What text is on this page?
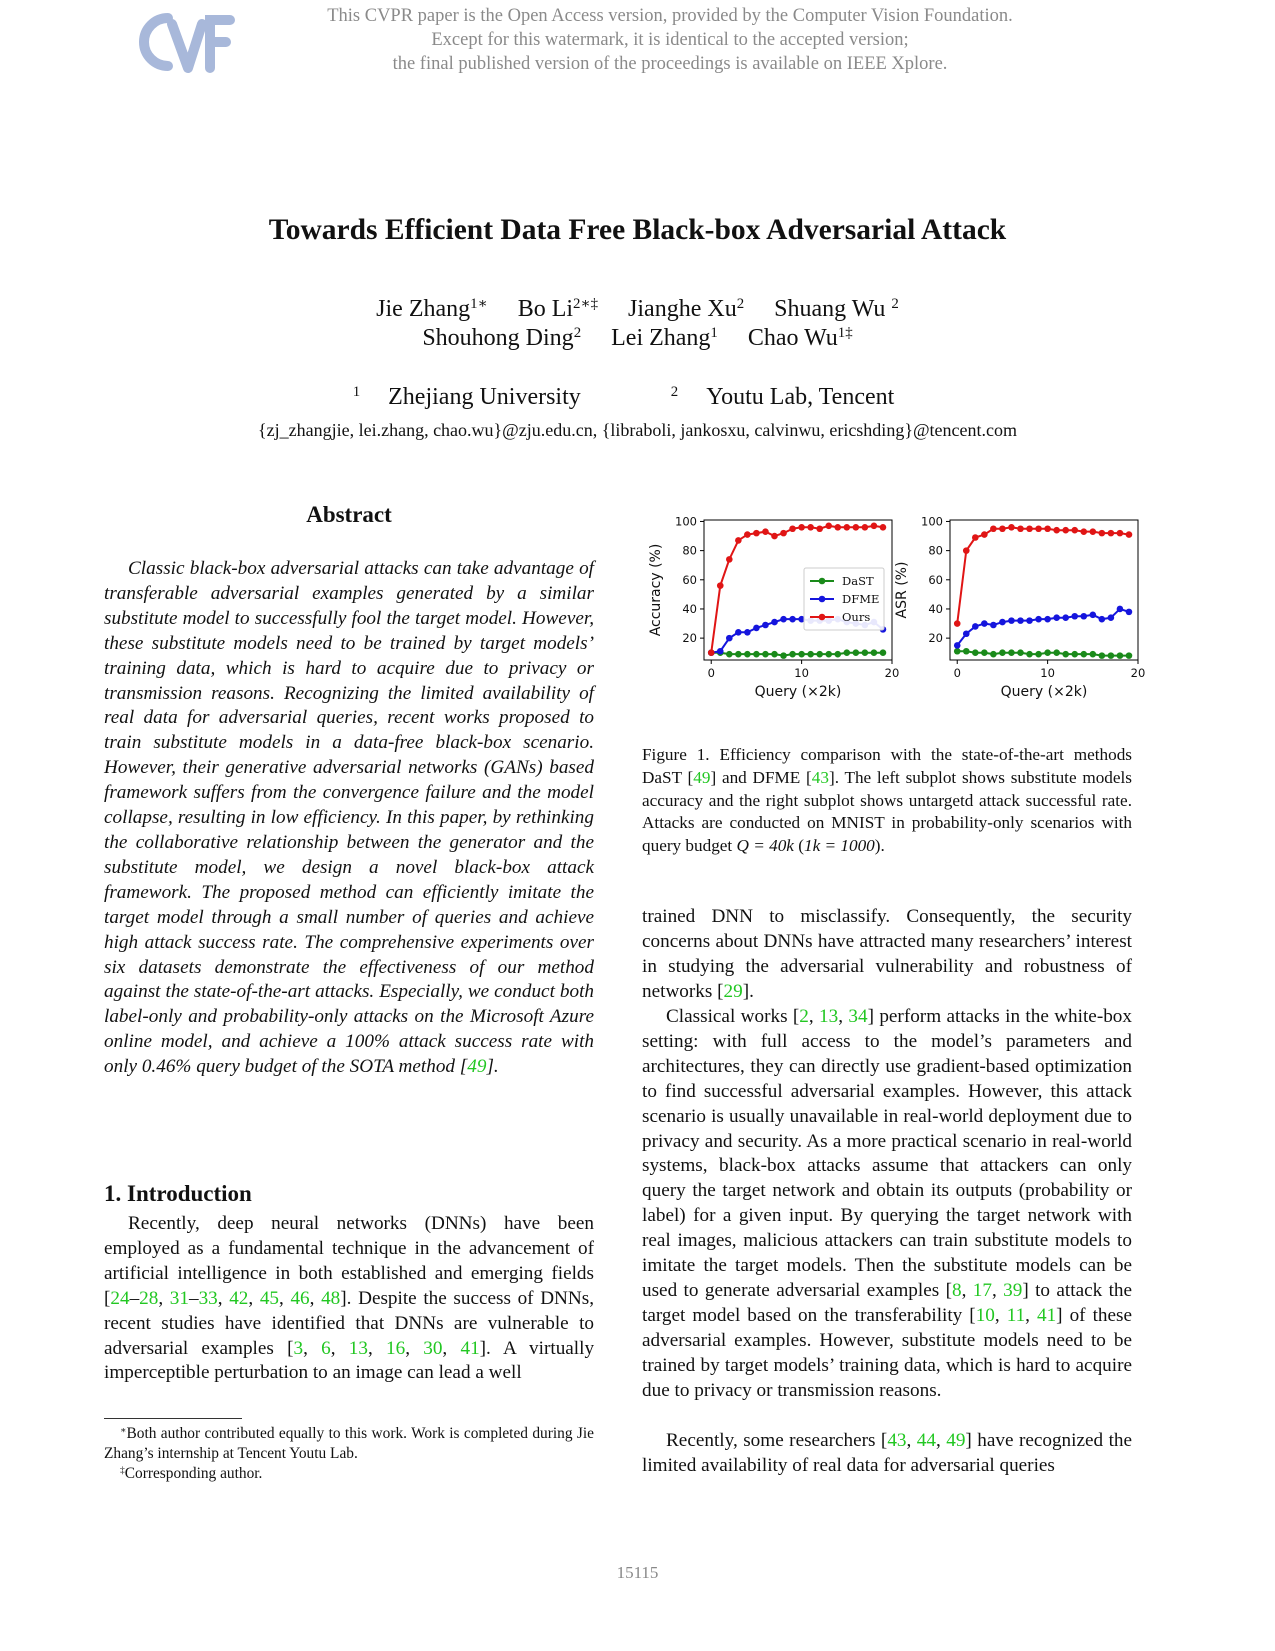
This CVPR paper is the Open Access version, provided by the Computer Vision Foundation.
Except for this watermark, it is identical to the accepted version;
the final published version of the proceedings is available on IEEE Xplore.
Towards Efficient Data Free Black-box Adversarial Attack
Jie Zhang$^{1∗}$ Bo $Li^{2∗\ddagger}$ Jianghe Xu$^2$ Shuang Wu $^2$
Shouhong Ding$^2$ Lei Zhang$^1$ Chao $Wu^{1\ddagger}$
$^1$ Zhejiang University	$^2$ Youtu Lab, Tencent
{zj_zhangjie, lei.zhang, chao.wu}@zju.edu.cn, {libraboli, jankosxu, calvinwu, ericshding}@tencent.com
Abstract
Classic black-box adversarial attacks can take advantage of transferable adversarial examples generated by a similar substitute model to successfully fool the target model. However, these substitute models need to be trained by target models’ training data, which is hard to acquire due to privacy or transmission reasons. Recognizing the limited availability of real data for adversarial queries, recent works proposed to train substitute models in a data-free black-box scenario. However, their generative adversarial networks (GANs) based framework suffers from the convergence failure and the model collapse, resulting in low efficiency. In this paper, by rethinking the collaborative relationship between the generator and the substitute model, we design a novel black-box attack framework. The proposed method can efficiently imitate the target model through a small number of queries and achieve high attack success rate. The comprehensive experiments over six datasets demonstrate the effectiveness of our method against the state-of-the-art attacks. Especially, we conduct both label-only and probability-only attacks on the Microsoft Azure online model, and achieve a 100% attack success rate with only 0.46% query budget of the SOTA method [49].
1. Introduction
Recently, deep neural networks (DNNs) have been employed as a fundamental technique in the advancement of artificial intelligence in both established and emerging fields [24–28, 31–33, 42, 45, 46, 48]. Despite the success of DNNs, recent studies have identified that DNNs are vulnerable to adversarial examples [3, 6, 13, 16, 30, 41]. A virtually imperceptible perturbation to an image can lead a well
∗Both author contributed equally to this work. Work is completed during Jie Zhang’s internship at Tencent Youtu Lab.
‡Corresponding author.
20
40
60
80
100
0	10	20
Query (×2k)
Accuracy (%)	DaST
DFME
Ours
20
40
60
80
100
0	10	20
Query (×2k)
ASR (%)
Figure 1. Efficiency comparison with the state-of-the-art methods DaST [49] and DFME [43]. The left subplot shows substitute models accuracy and the right subplot shows untargetd attack successful rate. Attacks are conducted on MNIST in probability-only scenarios with query budget Q = 40k (1k = 1000).
trained DNN to misclassify. Consequently, the security concerns about DNNs have attracted many researchers’ interest in studying the adversarial vulnerability and robustness of networks [29].
Classical works [2, 13, 34] perform attacks in the white-box setting: with full access to the model’s parameters and architectures, they can directly use gradient-based optimization to find successful adversarial examples. However, this attack scenario is usually unavailable in real-world deployment due to privacy and security. As a more practical scenario in real-world systems, black-box attacks assume that attackers can only query the target network and obtain its outputs (probability or label) for a given input. By querying the target network with real images, malicious attackers can train substitute models to imitate the target models. Then the substitute models can be used to generate adversarial examples [8, 17, 39] to attack the target model based on the transferability [10, 11, 41] of these adversarial examples. However, substitute models need to be trained by target models’ training data, which is hard to acquire due to privacy or transmission reasons.
Recently, some researchers [43, 44, 49] have recognized the limited availability of real data for adversarial queries
15115
